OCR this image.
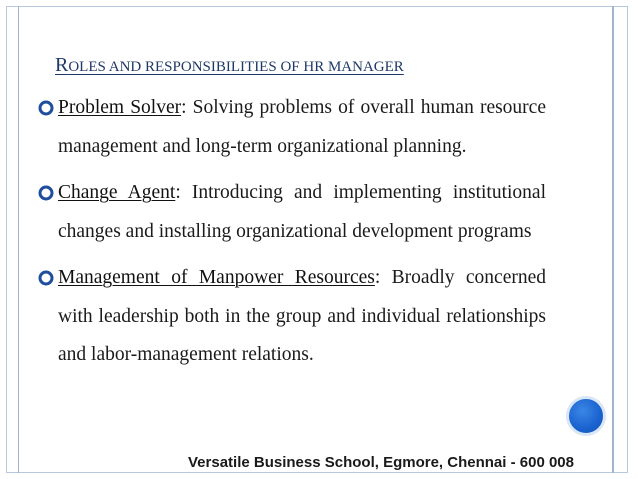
ROLES AND RESPONSIBILITIES OF HR MANAGER
Problem Solver: Solving problems of overall human resource management and long-term organizational planning.
Change Agent: Introducing and implementing institutional changes and installing organizational development programs
Management of Manpower Resources: Broadly concerned with leadership both in the group and individual relationships and labor-management relations.
Versatile Business School, Egmore, Chennai - 600 008
